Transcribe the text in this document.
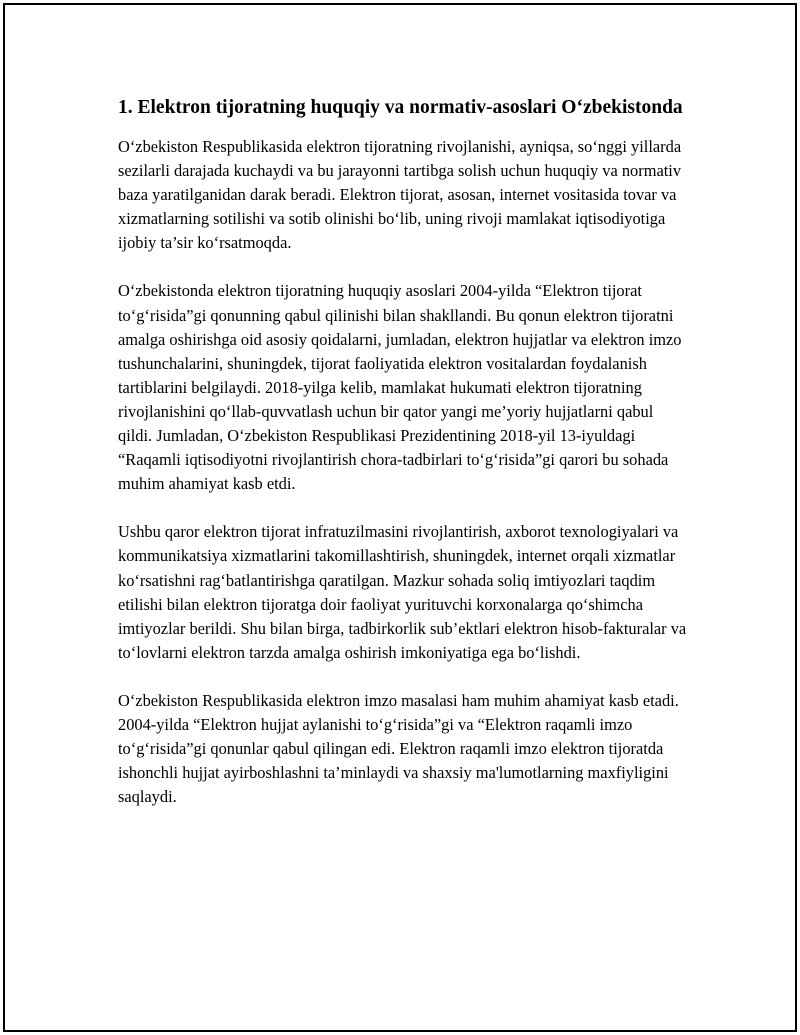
1. Elektron tijoratning huquqiy va normativ-asoslari O‘zbekistonda

O‘zbekiston Respublikasida elektron tijoratning rivojlanishi, ayniqsa, so‘nggi yillarda sezilarli darajada kuchaydi va bu jarayonni tartibga solish uchun huquqiy va normativ baza yaratilganidan darak beradi. Elektron tijorat, asosan, internet vositasida tovar va xizmatlarning sotilishi va sotib olinishi bo‘lib, uning rivoji mamlakat iqtisodiyotiga ijobiy ta’sir ko‘rsatmoqda.

O‘zbekistonda elektron tijoratning huquqiy asoslari 2004-yilda “Elektron tijorat to‘g‘risida”gi qonunning qabul qilinishi bilan shakllandi. Bu qonun elektron tijoratni amalga oshirishga oid asosiy qoidalarni, jumladan, elektron hujjatlar va elektron imzo tushunchalarini, shuningdek, tijorat faoliyatida elektron vositalardan foydalanish tartiblarini belgilaydi. 2018-yilga kelib, mamlakat hukumati elektron tijoratning rivojlanishini qo‘llab-quvvatlash uchun bir qator yangi me’yoriy hujjatlarni qabul qildi. Jumladan, O‘zbekiston Respublikasi Prezidentining 2018-yil 13-iyuldagi “Raqamli iqtisodiyotni rivojlantirish chora-tadbirlari to‘g‘risida”gi qarori bu sohada muhim ahamiyat kasb etdi.

Ushbu qaror elektron tijorat infratuzilmasini rivojlantirish, axborot texnologiyalari va kommunikatsiya xizmatlarini takomillashtirish, shuningdek, internet orqali xizmatlar ko‘rsatishni rag‘batlantirishga qaratilgan. Mazkur sohada soliq imtiyozlari taqdim etilishi bilan elektron tijoratga doir faoliyat yurituvchi korxonalarga qo‘shimcha imtiyozlar berildi. Shu bilan birga, tadbirkorlik sub’ektlari elektron hisob-fakturalar va to‘lovlarni elektron tarzda amalga oshirish imkoniyatiga ega bo‘lishdi.

O‘zbekiston Respublikasida elektron imzo masalasi ham muhim ahamiyat kasb etadi. 2004-yilda “Elektron hujjat aylanishi to‘g‘risida”gi va “Elektron raqamli imzo to‘g‘risida”gi qonunlar qabul qilingan edi. Elektron raqamli imzo elektron tijoratda ishonchli hujjat ayirboshlashni ta’minlaydi va shaxsiy ma'lumotlarning maxfiyligini saqlaydi.
